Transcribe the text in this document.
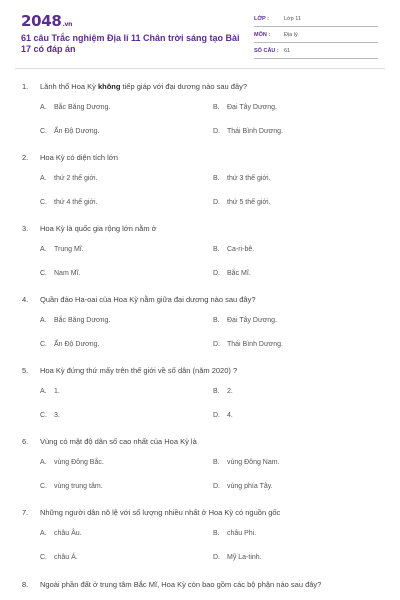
2048.vn
61 câu Trắc nghiệm Địa lí 11 Chân trời sáng tạo Bài 17 có đáp án
LỚP :	Lớp 11
MÔN :	Địa lý
SỐ CÂU : 61
1. Lãnh thổ Hoa Kỳ không tiếp giáp với đại dương nào sau đây?
A. Bắc Băng Dương.	B. Đại Tây Dương.
C. Ấn Độ Dương.	D. Thái Bình Dương.
2. Hoa Kỳ có diện tích lớn
A. thứ 2 thế giới.	B. thứ 3 thế giới.
C. thứ 4 thế giới.	D. thứ 5 thế giới.
3. Hoa Kỳ là quốc gia rộng lớn nằm ở
A. Trung Mĩ.	B. Ca-ri-bê.
C. Nam Mĩ.	D. Bắc Mĩ.
4. Quần đảo Ha-oai của Hoa Kỳ nằm giữa đại dương nào sau đây?
A. Bắc Băng Dương.	B. Đại Tây Dương.
C. Ấn Độ Dương.	D. Thái Bình Dương.
5. Hoa Kỳ đứng thứ mấy trên thế giới về số dân (năm 2020) ?
A. 1.	B. 2.
C. 3.	D. 4.
6. Vùng có mật độ dân số cao nhất của Hoa Kỳ là
A. vùng Đông Bắc.	B. vùng Đông Nam.
C. vùng trung tâm.	D. vùng phía Tây.
7. Những người dân nô lệ với số lượng nhiều nhất ở Hoa Kỳ có nguồn gốc
A. châu Âu.	B. châu Phi.
C. châu Á.	D. Mỹ La-tinh.
8. Ngoài phần đất ở trung tâm Bắc Mĩ, Hoa Kỳ còn bao gồm các bộ phận nào sau đây?
